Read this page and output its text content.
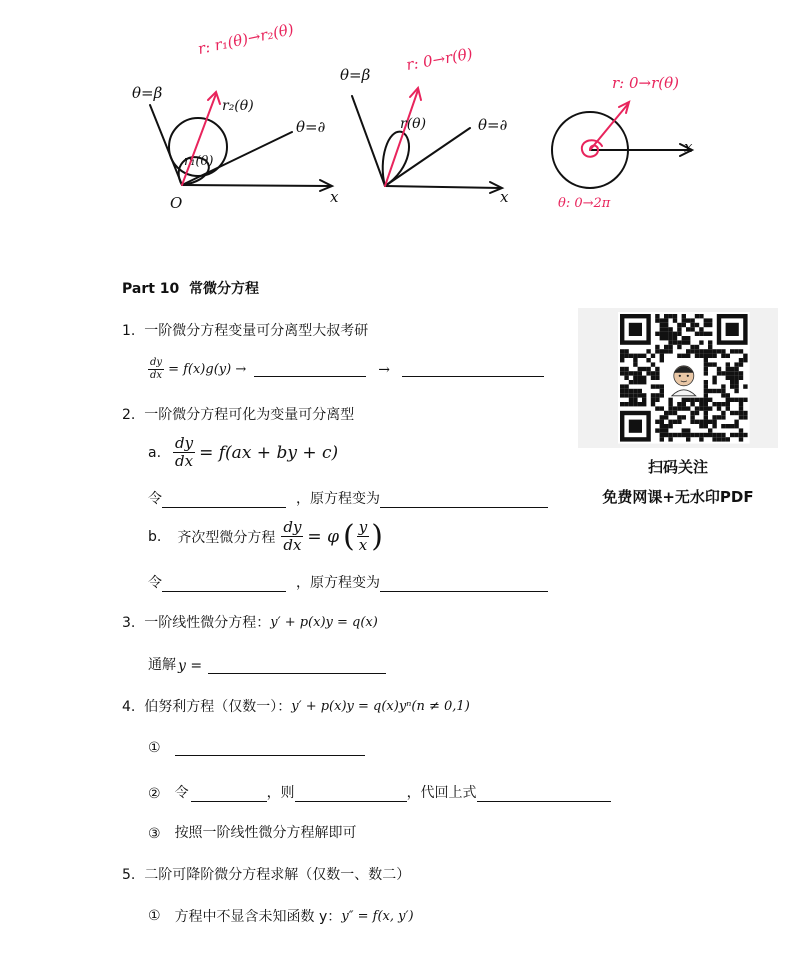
θ=β
θ=∂
r₂(θ)
r₁(θ)
r: r₁(θ)→r₂(θ)
O	x
θ=β
θ=∂
r(θ)
r: 0→r(θ)
x
r: 0→r(θ)
θ: 0→2π
x
Part 10  常微分方程
1.  一阶微分方程变量可分离型大叔考研
$\frac{dy}{dx} = f(x)g(y)$ →	→
2.  一阶微分方程可化为变量可分离型
a. $\frac{dy}{dx} = f(ax$ + by + c)
令	，原方程变为
b. 齐次型微分方程 $\frac{dy}{dx} = \varphi$ ( $\frac{y}{x}$ )
令	，原方程变为
3.  一阶线性微分方程： y′ + p(x)y = q(x)
通解 y =
4.  伯努利方程（仅数一）： y′ + p(x)y = q(x)yⁿ(n ≠ 0,1)
①
② 令	，则	，代回上式
③ 按照一阶线性微分方程解即可
5.  二阶可降阶微分方程求解（仅数一、数二）
① 方程中不显含未知函数 y： y″ = f(x, y′)
扫码关注
免费网课+无水印PDF
